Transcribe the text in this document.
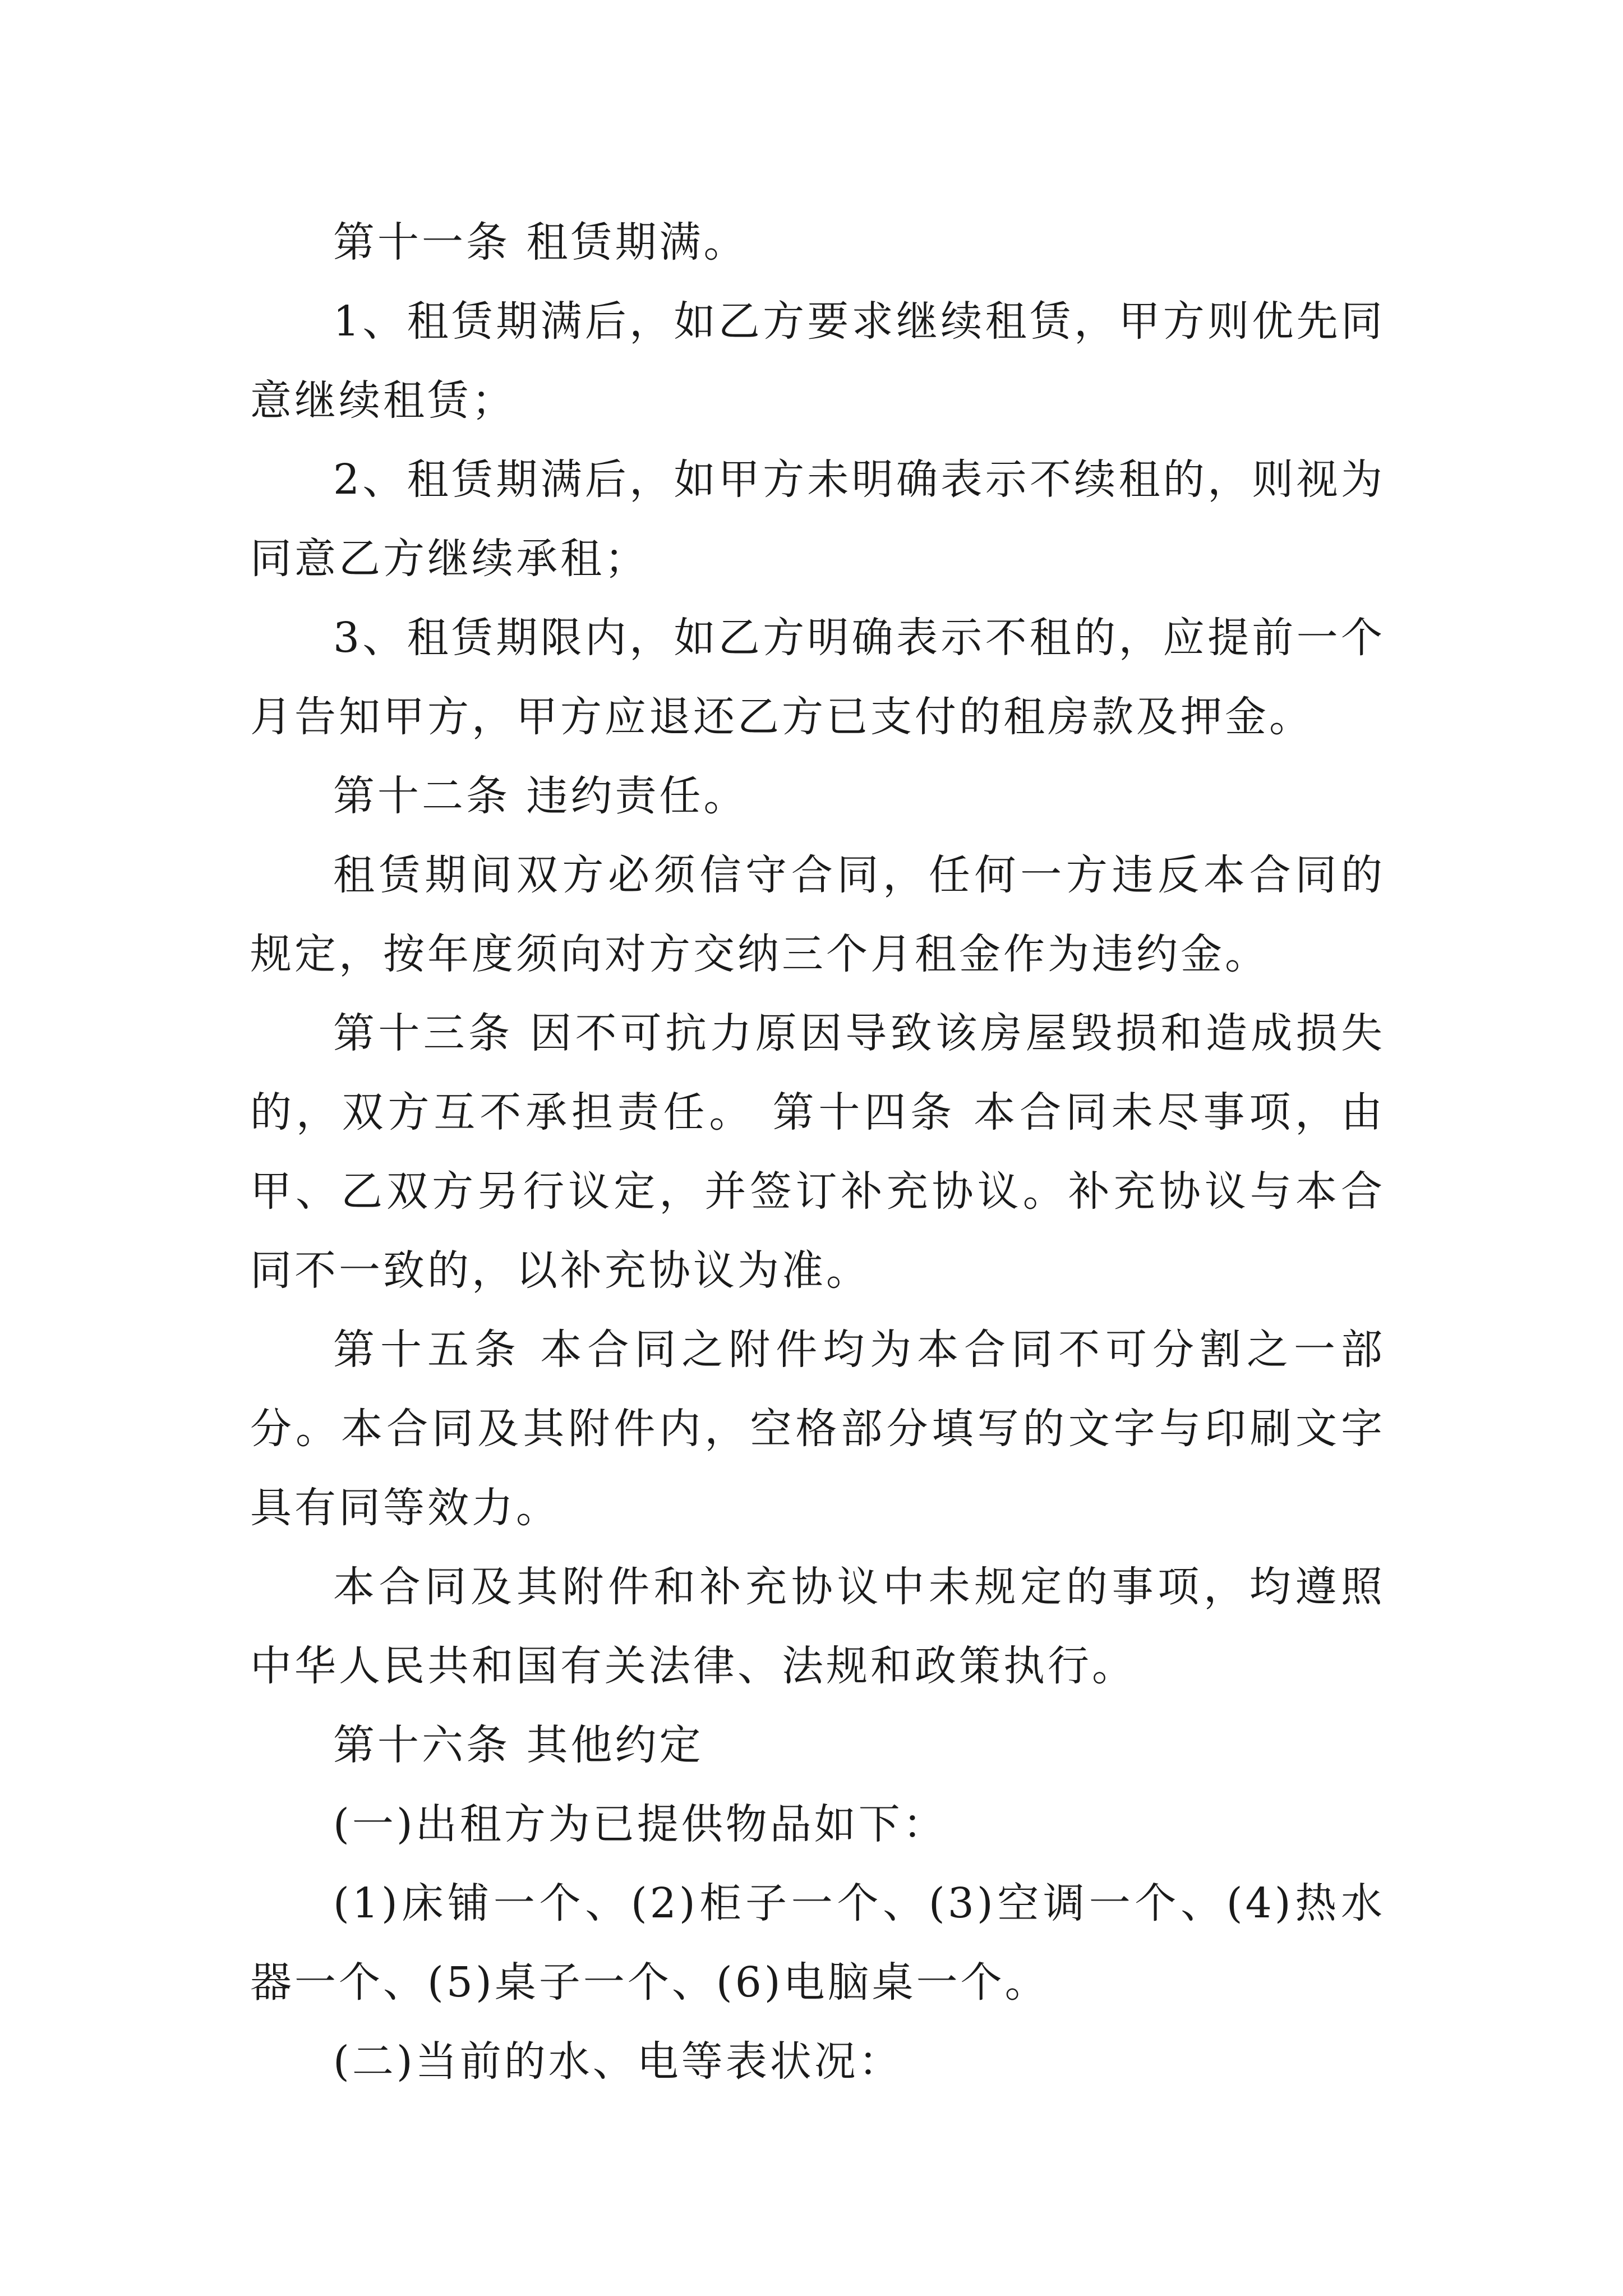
第十一条 租赁期满。

1、租赁期满后，如乙方要求继续租赁，甲方则优先同意继续租赁；

2、租赁期满后，如甲方未明确表示不续租的，则视为同意乙方继续承租；

3、租赁期限内，如乙方明确表示不租的，应提前一个月告知甲方，甲方应退还乙方已支付的租房款及押金。

第十二条 违约责任。

租赁期间双方必须信守合同，任何一方违反本合同的规定，按年度须向对方交纳三个月租金作为违约金。

第十三条 因不可抗力原因导致该房屋毁损和造成损失的，双方互不承担责任。 第十四条 本合同未尽事项，由甲、乙双方另行议定，并签订补充协议。补充协议与本合同不一致的，以补充协议为准。

第十五条 本合同之附件均为本合同不可分割之一部分。本合同及其附件内，空格部分填写的文字与印刷文字具有同等效力。

本合同及其附件和补充协议中未规定的事项，均遵照中华人民共和国有关法律、法规和政策执行。

第十六条 其他约定

(一)出租方为已提供物品如下：

(1)床铺一个、(2)柜子一个、(3)空调一个、(4)热水器一个、(5)桌子一个、(6)电脑桌一个。

(二)当前的水、电等表状况：
